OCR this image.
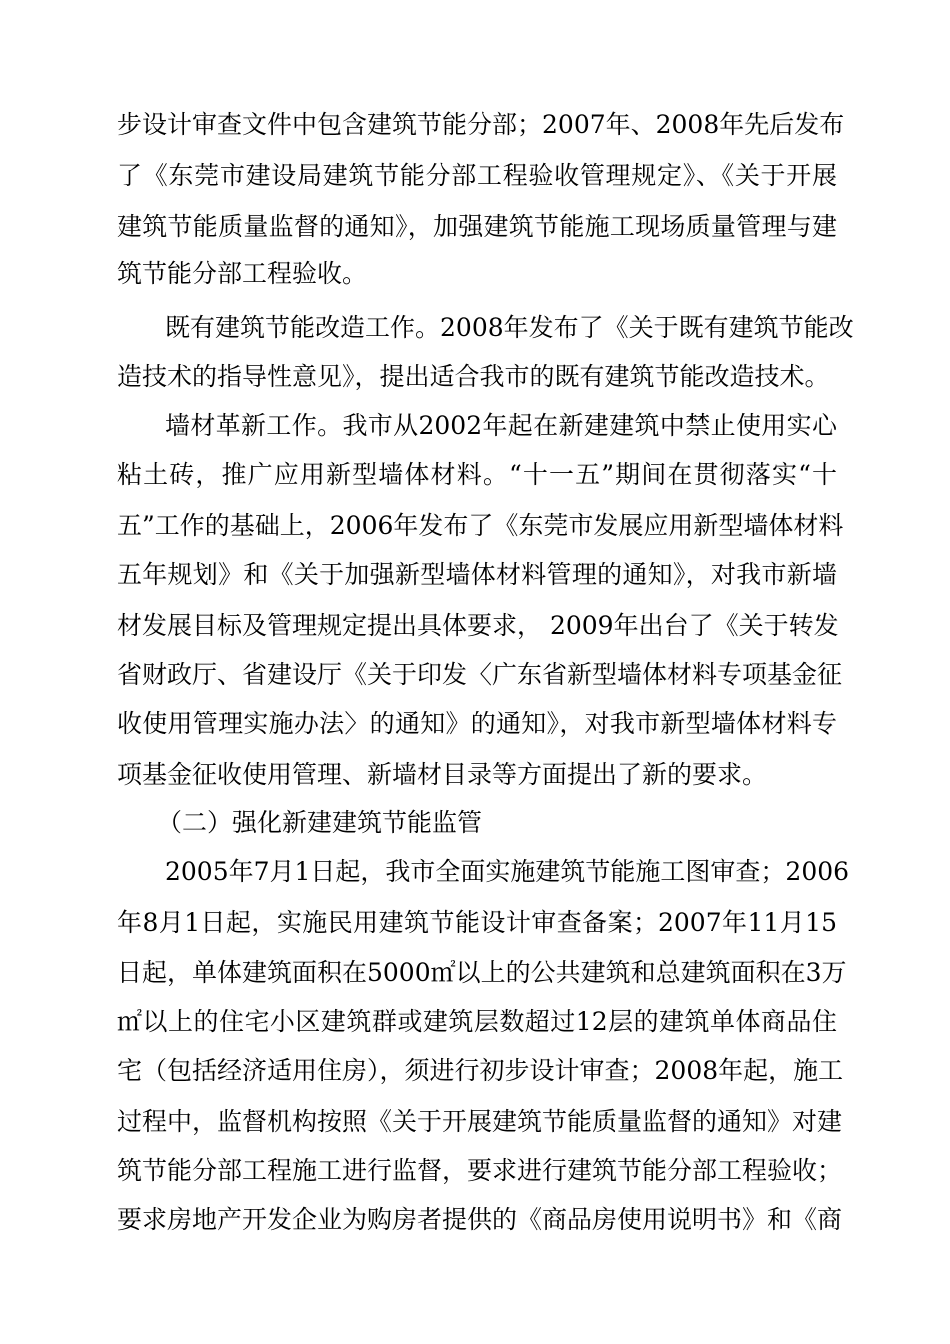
步设计审查文件中包含建筑节能分部；2007年、2008年先后发布
了《东莞市建设局建筑节能分部工程验收管理规定》、《关于开展
建筑节能质量监督的通知》，加强建筑节能施工现场质量管理与建
筑节能分部工程验收。
既有建筑节能改造工作。2008年发布了《关于既有建筑节能改
造技术的指导性意见》，提出适合我市的既有建筑节能改造技术。
墙材革新工作。我市从2002年起在新建建筑中禁止使用实心
粘土砖，推广应用新型墙体材料。“十一五”期间在贯彻落实“十
五”工作的基础上，2006年发布了《东莞市发展应用新型墙体材料
五年规划》和《关于加强新型墙体材料管理的通知》，对我市新墙
材发展目标及管理规定提出具体要求， 2009年出台了《关于转发
省财政厅、省建设厅《关于印发〈广东省新型墙体材料专项基金征
收使用管理实施办法〉的通知》的通知》，对我市新型墙体材料专
项基金征收使用管理、新墙材目录等方面提出了新的要求。
（二）强化新建建筑节能监管
2005年7月1日起，我市全面实施建筑节能施工图审查；2006
年8月1日起，实施民用建筑节能设计审查备案；2007年11月15
日起，单体建筑面积在5000㎡以上的公共建筑和总建筑面积在3万
㎡以上的住宅小区建筑群或建筑层数超过12层的建筑单体商品住
宅（包括经济适用住房），须进行初步设计审查；2008年起，施工
过程中，监督机构按照《关于开展建筑节能质量监督的通知》对建
筑节能分部工程施工进行监督，要求进行建筑节能分部工程验收；
要求房地产开发企业为购房者提供的《商品房使用说明书》和《商
